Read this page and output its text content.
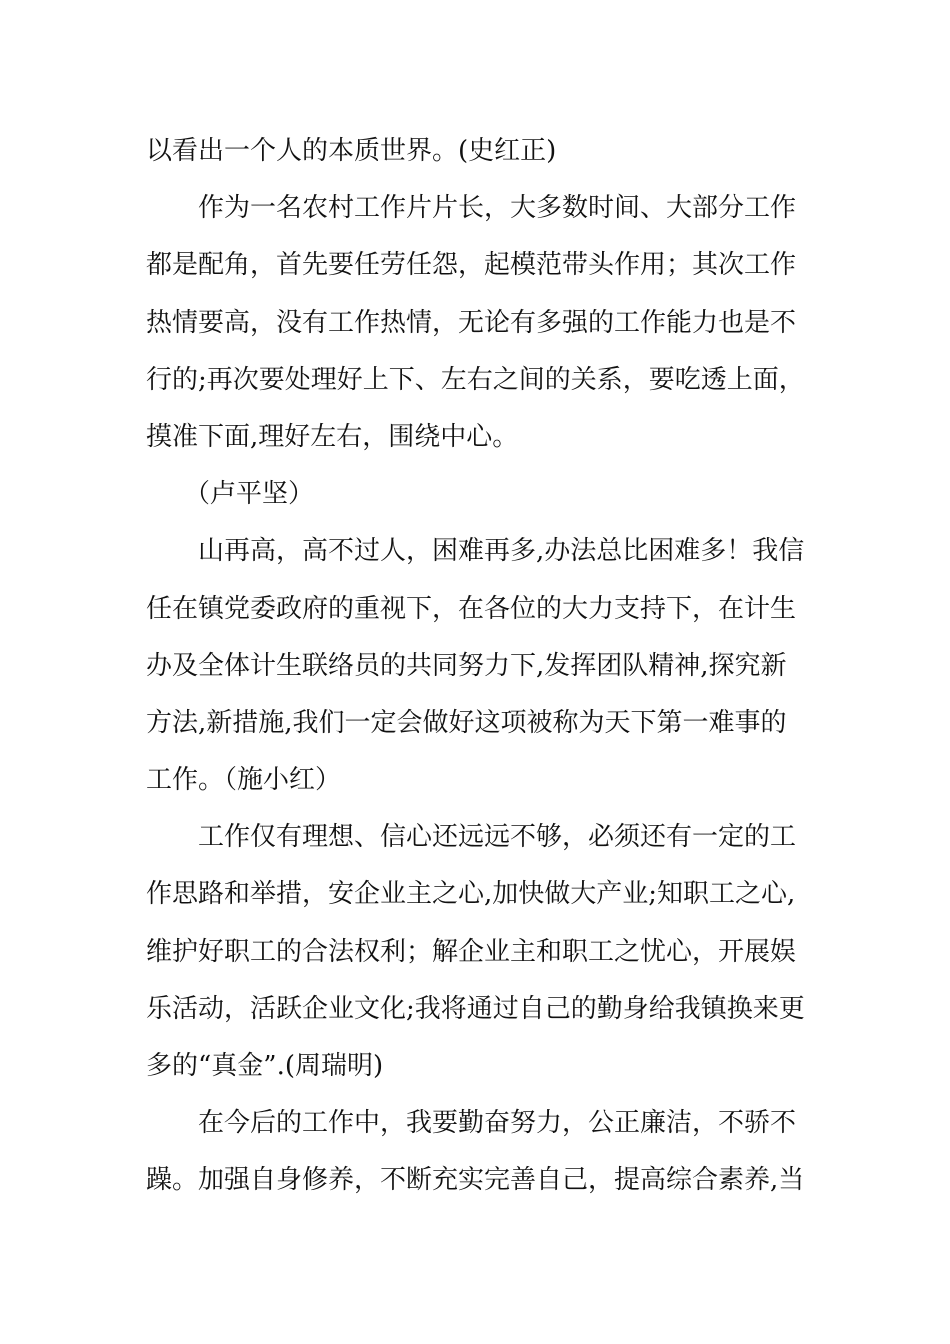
以看出一个人的本质世界。(史红正)
作为一名农村工作片片长，大多数时间、大部分工作
都是配角，首先要任劳任怨，起模范带头作用；其次工作
热情要高，没有工作热情，无论有多强的工作能力也是不
行的;再次要处理好上下、左右之间的关系，要吃透上面，
摸准下面,理好左右，围绕中心。
（卢平坚）
山再高，高不过人，困难再多,办法总比困难多！我信
任在镇党委政府的重视下，在各位的大力支持下，在计生
办及全体计生联络员的共同努力下,发挥团队精神,探究新
方法,新措施,我们一定会做好这项被称为天下第一难事的
工作。（施小红）
工作仅有理想、信心还远远不够，必须还有一定的工
作思路和举措，安企业主之心,加快做大产业;知职工之心,
维护好职工的合法权利；解企业主和职工之忧心，开展娱
乐活动，活跃企业文化;我将通过自己的勤身给我镇换来更
多的“真金”.(周瑞明)
在今后的工作中，我要勤奋努力，公正廉洁，不骄不
躁。加强自身修养，不断充实完善自己，提高综合素养,当
